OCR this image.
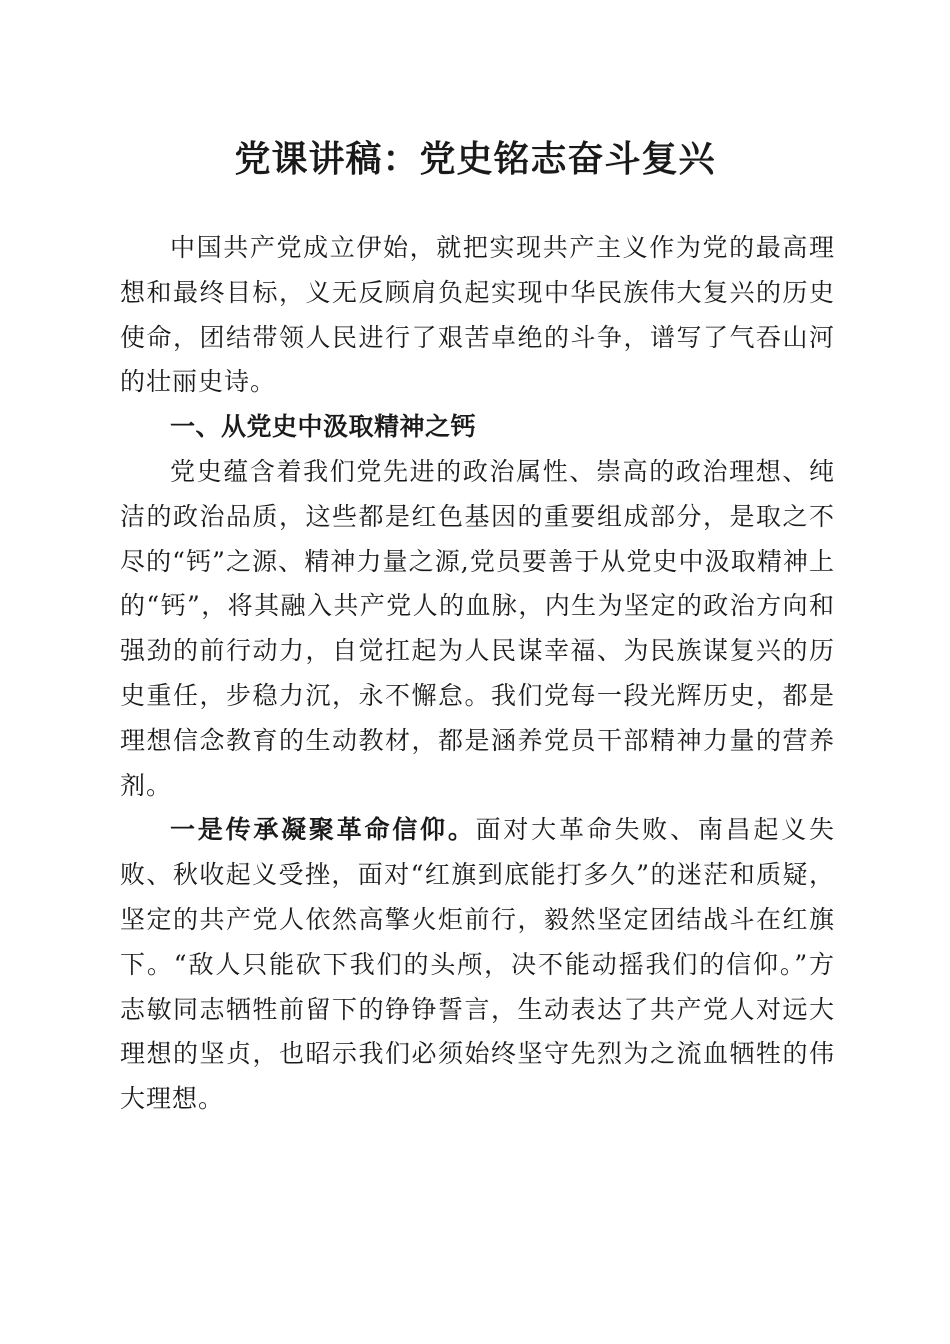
党课讲稿：党史铭志奋斗复兴

中国共产党成立伊始，就把实现共产主义作为党的最高理想和最终目标，义无反顾肩负起实现中华民族伟大复兴的历史使命，团结带领人民进行了艰苦卓绝的斗争，谱写了气吞山河的壮丽史诗。

一、从党史中汲取精神之钙

党史蕴含着我们党先进的政治属性、崇高的政治理想、纯洁的政治品质，这些都是红色基因的重要组成部分，是取之不尽的“钙”之源、精神力量之源,党员要善于从党史中汲取精神上的“钙”，将其融入共产党人的血脉，内生为坚定的政治方向和强劲的前行动力，自觉扛起为人民谋幸福、为民族谋复兴的历史重任，步稳力沉，永不懈怠。我们党每一段光辉历史，都是理想信念教育的生动教材，都是涵养党员干部精神力量的营养剂。

一是传承凝聚革命信仰。面对大革命失败、南昌起义失败、秋收起义受挫，面对“红旗到底能打多久”的迷茫和质疑，坚定的共产党人依然高擎火炬前行，毅然坚定团结战斗在红旗下。“敌人只能砍下我们的头颅，决不能动摇我们的信仰。”方志敏同志牺牲前留下的铮铮誓言，生动表达了共产党人对远大理想的坚贞，也昭示我们必须始终坚守先烈为之流血牺牲的伟大理想。
